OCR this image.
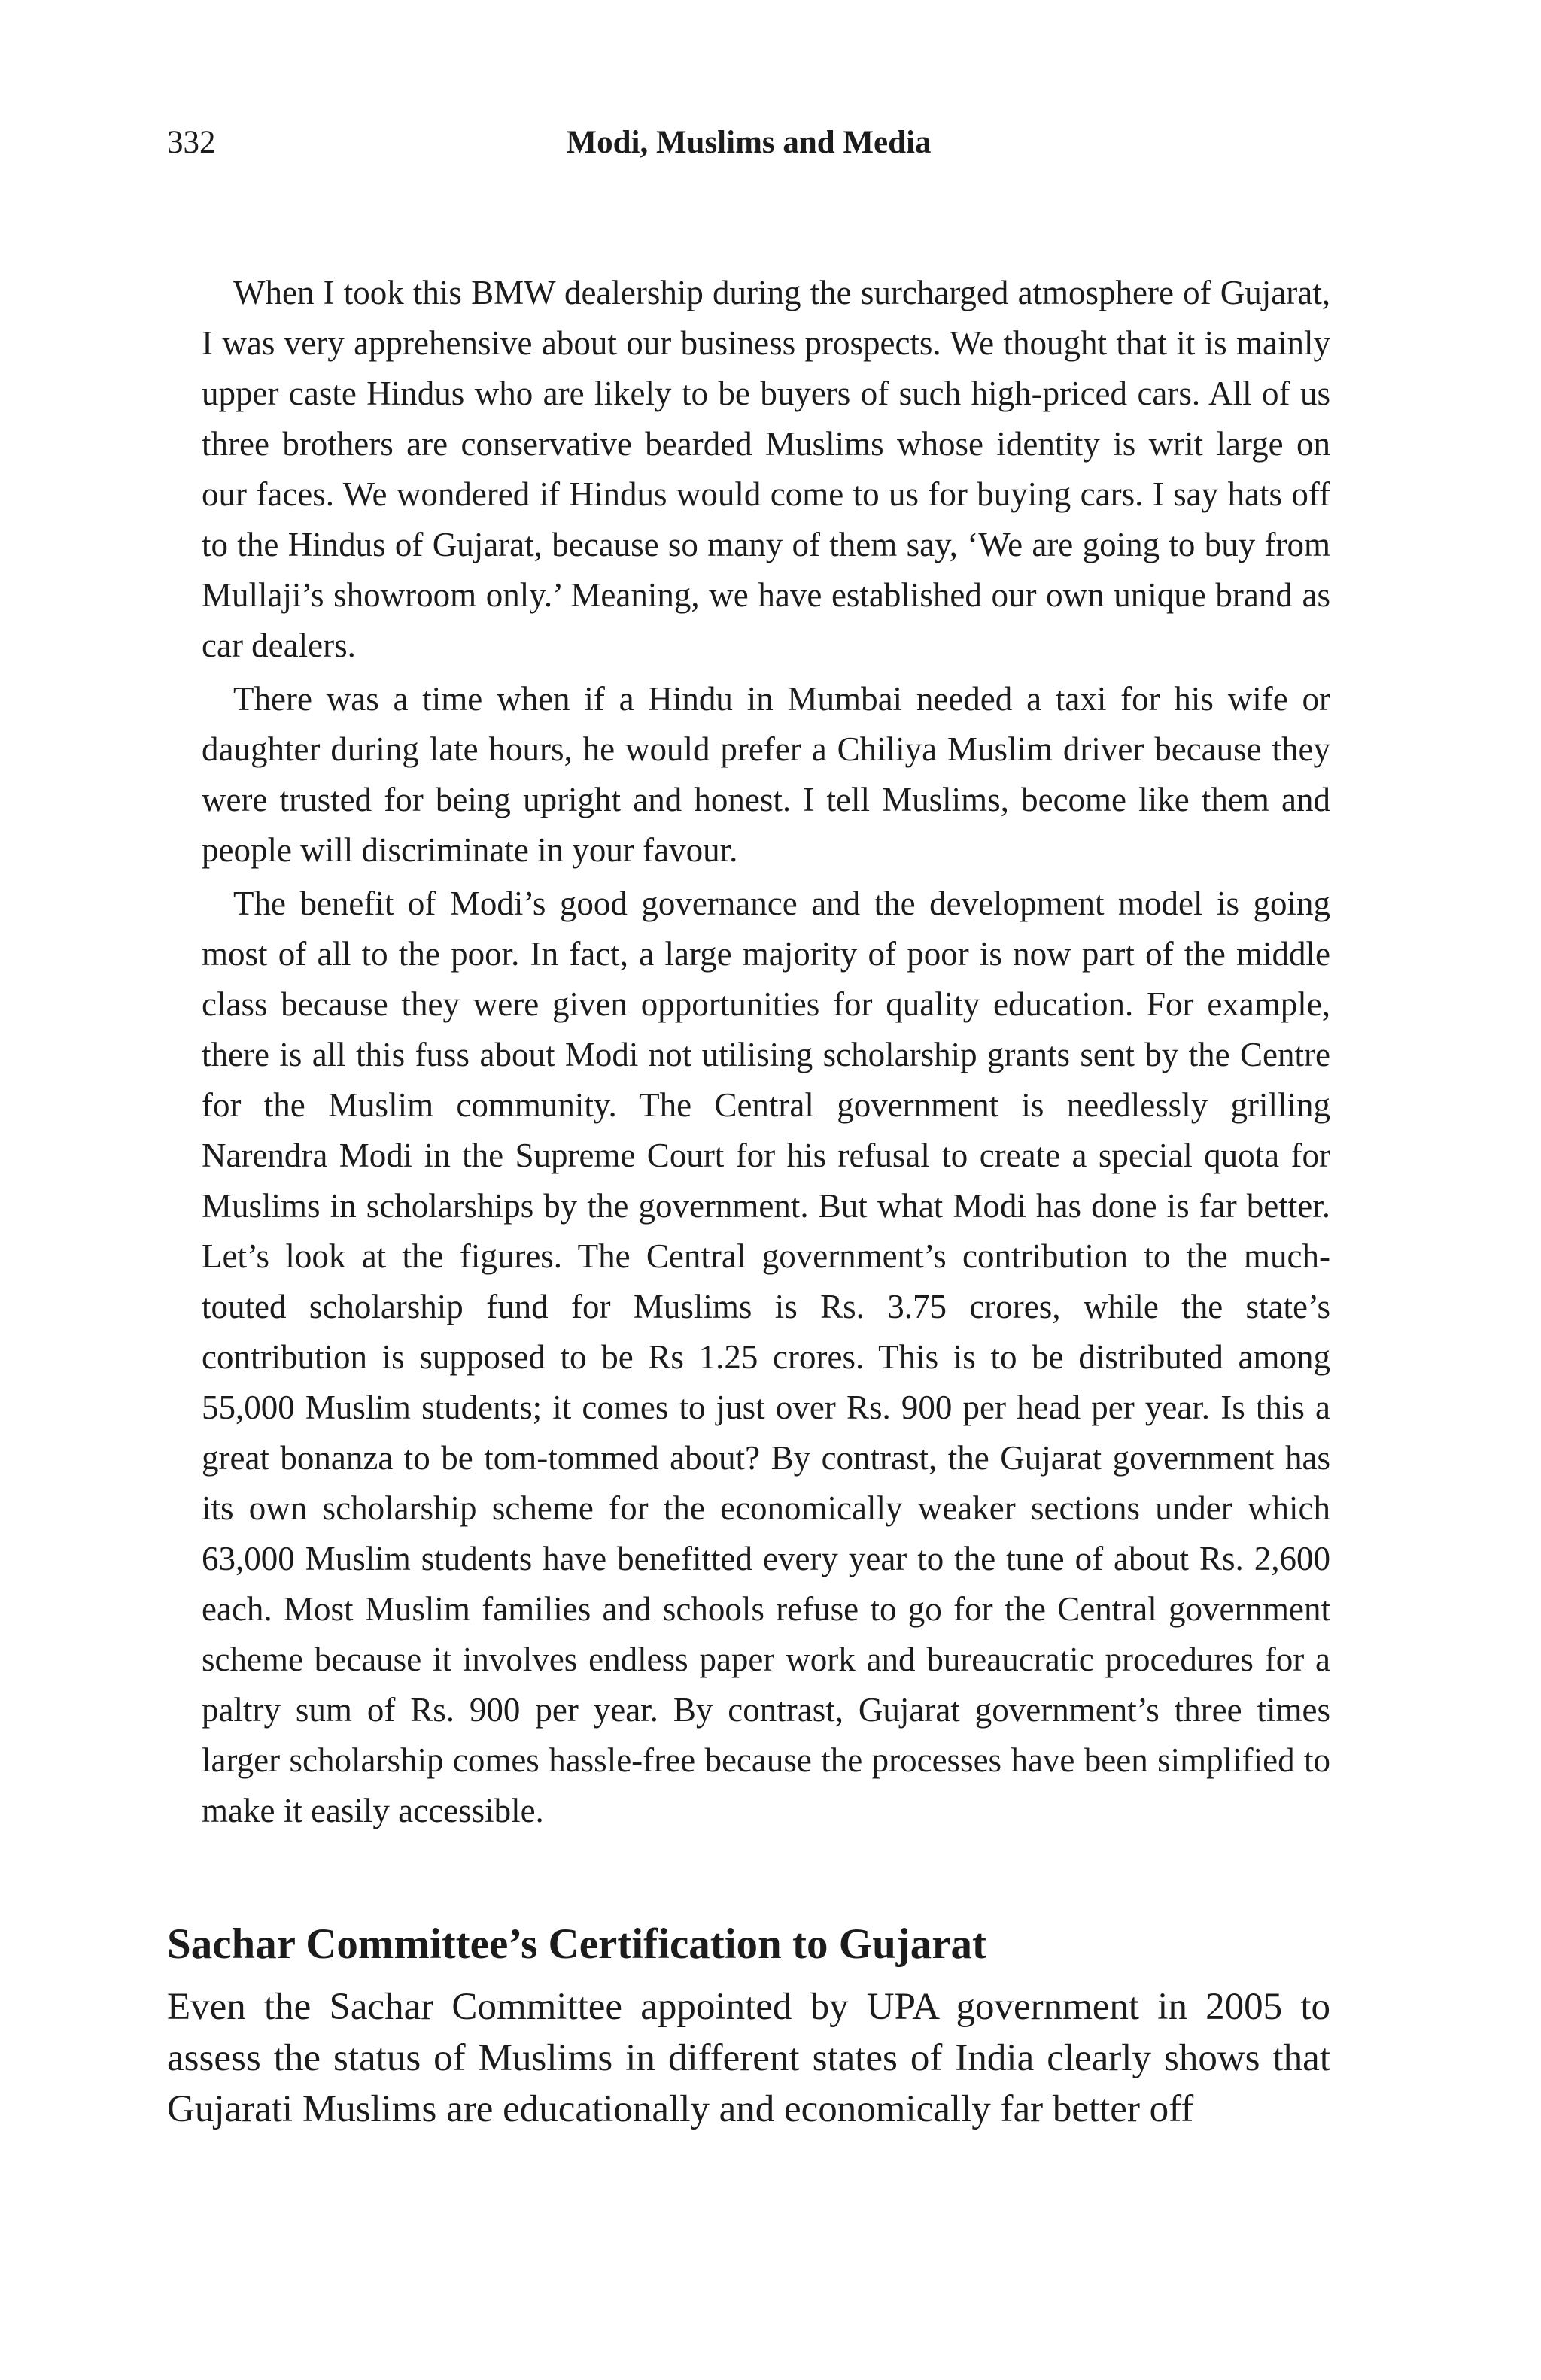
332	Modi, Muslims and Media

When I took this BMW dealership during the surcharged atmosphere of Gujarat, I was very apprehensive about our business prospects. We thought that it is mainly upper caste Hindus who are likely to be buyers of such high-priced cars. All of us three brothers are conservative bearded Muslims whose identity is writ large on our faces. We wondered if Hindus would come to us for buying cars. I say hats off to the Hindus of Gujarat, because so many of them say, ‘We are going to buy from Mullaji’s showroom only.’ Meaning, we have established our own unique brand as car dealers.

There was a time when if a Hindu in Mumbai needed a taxi for his wife or daughter during late hours, he would prefer a Chiliya Muslim driver because they were trusted for being upright and honest. I tell Muslims, become like them and people will discriminate in your favour.

The benefit of Modi’s good governance and the development model is going most of all to the poor. In fact, a large majority of poor is now part of the middle class because they were given opportunities for quality education. For example, there is all this fuss about Modi not utilising scholarship grants sent by the Centre for the Muslim community. The Central government is needlessly grilling Narendra Modi in the Supreme Court for his refusal to create a special quota for Muslims in scholarships by the government. But what Modi has done is far better. Let’s look at the figures. The Central government’s contribution to the much-touted scholarship fund for Muslims is Rs. 3.75 crores, while the state’s contribution is supposed to be Rs 1.25 crores. This is to be distributed among 55,000 Muslim students; it comes to just over Rs. 900 per head per year. Is this a great bonanza to be tom-tommed about? By contrast, the Gujarat government has its own scholarship scheme for the economically weaker sections under which 63,000 Muslim students have benefitted every year to the tune of about Rs. 2,600 each. Most Muslim families and schools refuse to go for the Central government scheme because it involves endless paper work and bureaucratic procedures for a paltry sum of Rs. 900 per year. By contrast, Gujarat government’s three times larger scholarship comes hassle-free because the processes have been simplified to make it easily accessible.

Sachar Committee’s Certification to Gujarat

Even the Sachar Committee appointed by UPA government in 2005 to assess the status of Muslims in different states of India clearly shows that Gujarati Muslims are educationally and economically far better off
